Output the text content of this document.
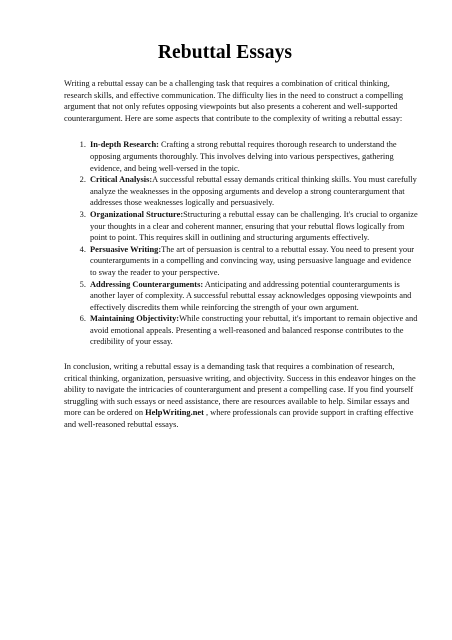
Rebuttal Essays

Writing a rebuttal essay can be a challenging task that requires a combination of critical thinking, research skills, and effective communication. The difficulty lies in the need to construct a compelling argument that not only refutes opposing viewpoints but also presents a coherent and well-supported counterargument. Here are some aspects that contribute to the complexity of writing a rebuttal essay:

1. In-depth Research: Crafting a strong rebuttal requires thorough research to understand the opposing arguments thoroughly. This involves delving into various perspectives, gathering evidence, and being well-versed in the topic.
2. Critical Analysis:A successful rebuttal essay demands critical thinking skills. You must carefully analyze the weaknesses in the opposing arguments and develop a strong counterargument that addresses those weaknesses logically and persuasively.
3. Organizational Structure:Structuring a rebuttal essay can be challenging. It's crucial to organize your thoughts in a clear and coherent manner, ensuring that your rebuttal flows logically from point to point. This requires skill in outlining and structuring arguments effectively.
4. Persuasive Writing:The art of persuasion is central to a rebuttal essay. You need to present your counterarguments in a compelling and convincing way, using persuasive language and evidence to sway the reader to your perspective.
5. Addressing Counterarguments: Anticipating and addressing potential counterarguments is another layer of complexity. A successful rebuttal essay acknowledges opposing viewpoints and effectively discredits them while reinforcing the strength of your own argument.
6. Maintaining Objectivity:While constructing your rebuttal, it's important to remain objective and avoid emotional appeals. Presenting a well-reasoned and balanced response contributes to the credibility of your essay.

In conclusion, writing a rebuttal essay is a demanding task that requires a combination of research, critical thinking, organization, persuasive writing, and objectivity. Success in this endeavor hinges on the ability to navigate the intricacies of counterargument and present a compelling case. If you find yourself struggling with such essays or need assistance, there are resources available to help. Similar essays and more can be ordered on HelpWriting.net , where professionals can provide support in crafting effective and well-reasoned rebuttal essays.
